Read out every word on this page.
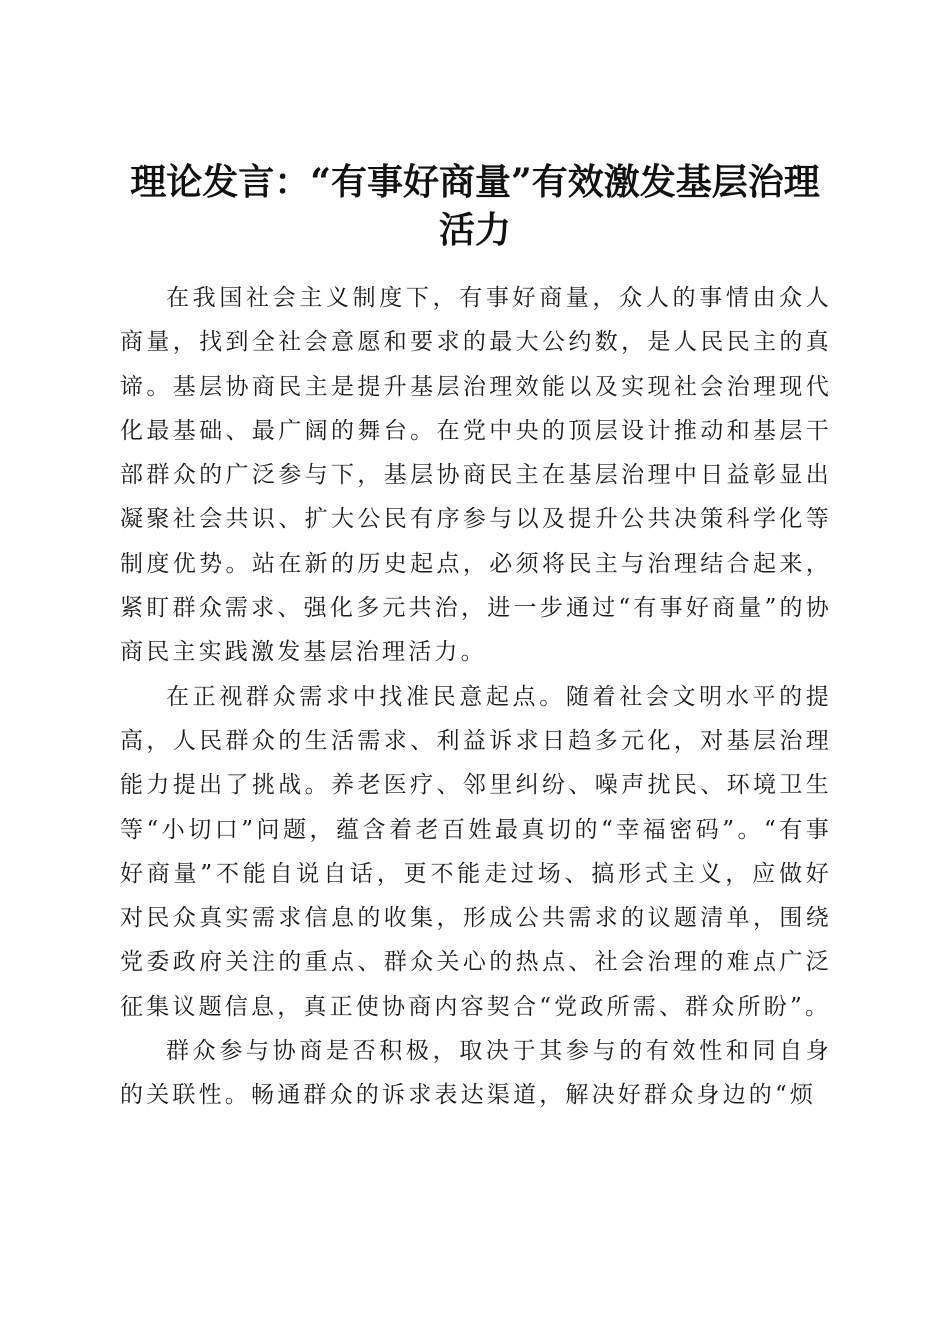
理论发言：“有事好商量”有效激发基层治理
活力

在我国社会主义制度下，有事好商量，众人的事情由众人商量，找到全社会意愿和要求的最大公约数，是人民民主的真谛。基层协商民主是提升基层治理效能以及实现社会治理现代化最基础、最广阔的舞台。在党中央的顶层设计推动和基层干部群众的广泛参与下，基层协商民主在基层治理中日益彰显出凝聚社会共识、扩大公民有序参与以及提升公共决策科学化等制度优势。站在新的历史起点，必须将民主与治理结合起来，紧盯群众需求、强化多元共治，进一步通过“有事好商量”的协商民主实践激发基层治理活力。

在正视群众需求中找准民意起点。随着社会文明水平的提高，人民群众的生活需求、利益诉求日趋多元化，对基层治理能力提出了挑战。养老医疗、邻里纠纷、噪声扰民、环境卫生等“小切口”问题，蕴含着老百姓最真切的“幸福密码”。“有事好商量”不能自说自话，更不能走过场、搞形式主义，应做好对民众真实需求信息的收集，形成公共需求的议题清单，围绕党委政府关注的重点、群众关心的热点、社会治理的难点广泛征集议题信息，真正使协商内容契合“党政所需、群众所盼”。

群众参与协商是否积极，取决于其参与的有效性和同自身的关联性。畅通群众的诉求表达渠道，解决好群众身边的“烦
